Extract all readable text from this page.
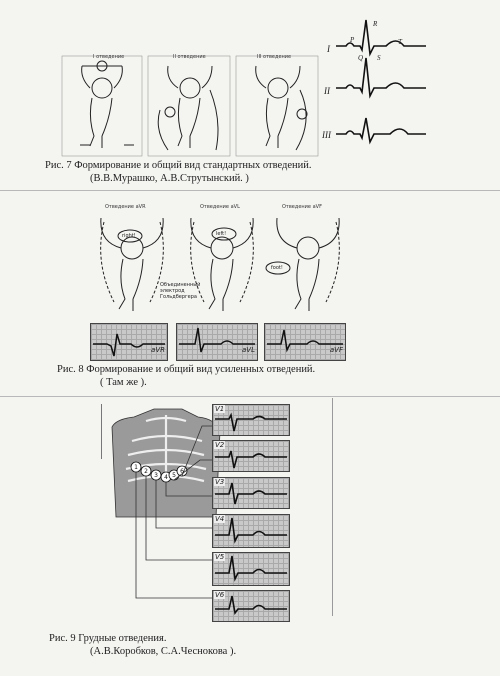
I отведение	II отведение	III отведение
I
II
III
R
P
Q S
T
Рис. 7 Формирование и общий вид стандартных отведений.
(В.В.Мурашко, А.В.Струтынский. )
Отведение aVR	Отведение aVL	Отведение aVF
right!	left!
foot!
Объединенный
электрод
Гольдбергера
aVR	aVL	aVF
Рис. 8 Формирование и общий вид усиленных отведений.
( Там же ).
1
2
3 4 5
6
V1
V2
V3
V4
V5
V6
Рис. 9 Грудные отведения.
(А.В.Коробков, С.А.Чеснокова ).
